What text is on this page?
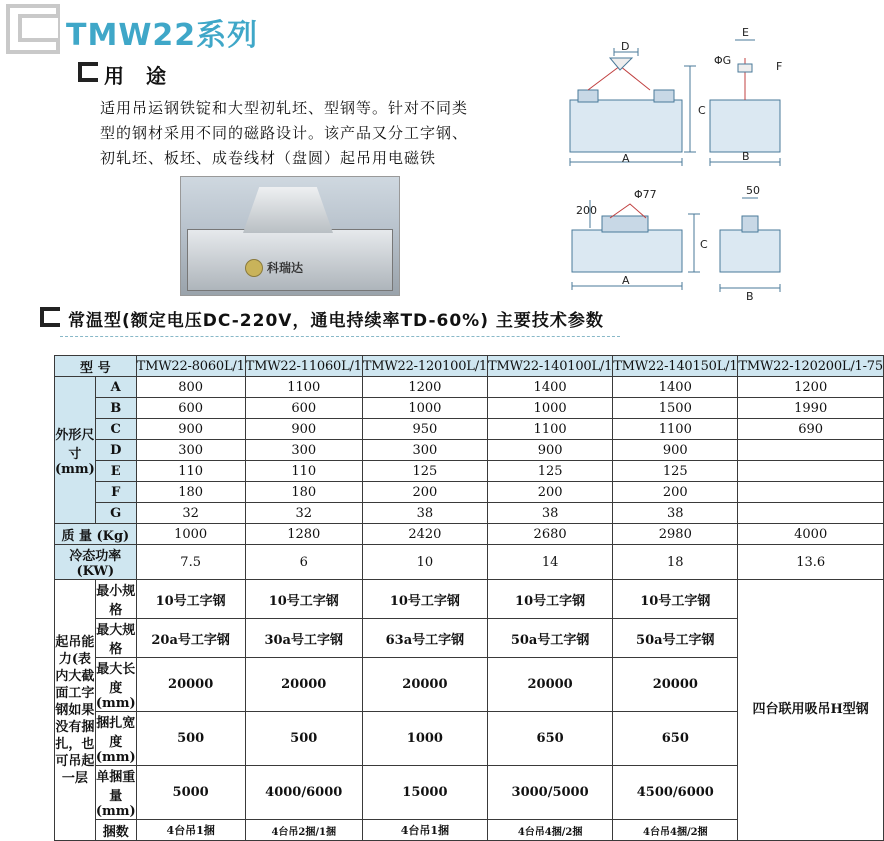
TMW22系列
用途
适用吊运钢铁锭和大型初轧坯、型钢等。针对不同类
型的钢材采用不同的磁路设计。该产品又分工字钢、
初轧坯、板坯、成卷线材（盘圆）起吊用电磁铁
科瑞达
A
C
D
B
E
F
ΦG
Φ77
200
A
C
50
B
常温型(额定电压DC-220V，通电持续率TD-60%) 主要技术参数
型 号		TMW22-8060L/1	TMW22-11060L/1	TMW22-120100L/1	TMW22-140100L/1	TMW22-140150L/1	TMW22-120200L/1-75

外形尺寸
(mm)	A	800	1100	1200	1400	1400	1200
	B	600	600	1000	1000	1500	1990
	C	900	900	950	1100	1100	690
	D	300	300	300	900	900	
	E	110	110	125	125	125	
	F	180	180	200	200	200	
	G	32	32	38	38	38	
质 量 (Kg)		1000	1280	2420	2680	2980	4000
冷态功率(KW)		7.5	6	10	14	18	13.6
起吊能力(表内大截面工字钢如果没有捆扎，也可吊起一层	最小规格	10号工字钢	10号工字钢	10号工字钢	10号工字钢	10号工字钢	四台联用吸吊H型钢
	最大规格	20a号工字钢	30a号工字钢	63a号工字钢	50a号工字钢	50a号工字钢	
	最大长度(mm)	20000	20000	20000	20000	20000	
	捆扎宽度(mm)	500	500	1000	650	650	
	单捆重量(mm)	5000	4000/6000	15000	3000/5000	4500/6000	
	捆数	4台吊1捆	4台吊2捆/1捆	4台吊1捆	4台吊4捆/2捆	4台吊4捆/2捆	
